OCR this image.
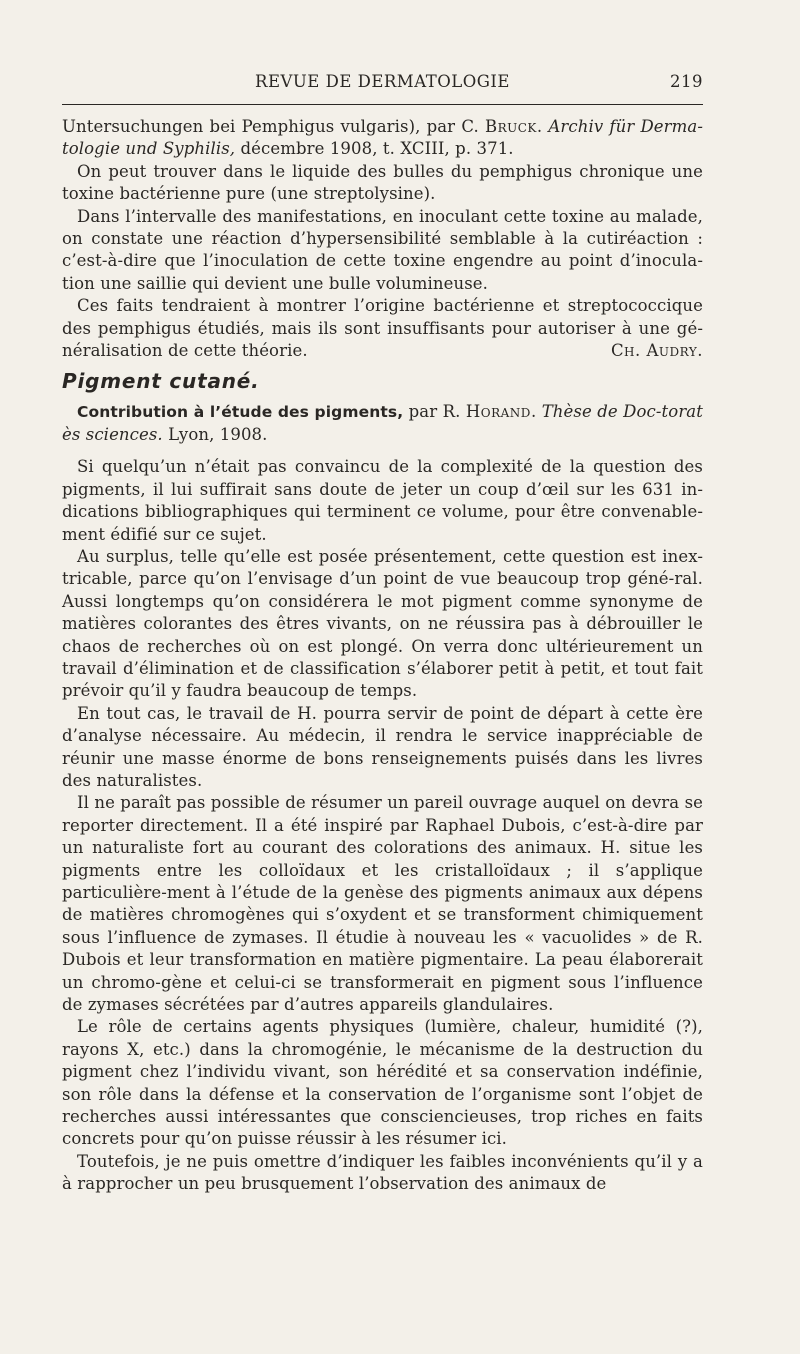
REVUE DE DERMATOLOGIE	219

Untersuchungen bei Pemphigus vulgaris), par C. Bruck. Archiv für Derma-tologie und Syphilis, décembre 1908, t. XCIII, p. 371.

On peut trouver dans le liquide des bulles du pemphigus chronique une toxine bactérienne pure (une streptolysine).

Dans l’intervalle des manifestations, en inoculant cette toxine au malade, on constate une réaction d’hypersensibilité semblable à la cutiréaction : c’est-à-dire que l’inoculation de cette toxine engendre au point d’inocula-tion une saillie qui devient une bulle volumineuse.

Ces faits tendraient à montrer l’origine bactérienne et streptococcique des pemphigus étudiés, mais ils sont insuffisants pour autoriser à une gé-néralisation de cette théorie.	Ch. Audry.
Pigment cutané.

Contribution à l’étude des pigments, par R. Horand. Thèse de Doc-torat ès sciences. Lyon, 1908.

Si quelqu’un n’était pas convaincu de la complexité de la question des pigments, il lui suffirait sans doute de jeter un coup d’œil sur les 631 in-dications bibliographiques qui terminent ce volume, pour être convenable-ment édifié sur ce sujet.

Au surplus, telle qu’elle est posée présentement, cette question est inex-tricable, parce qu’on l’envisage d’un point de vue beaucoup trop géné-ral. Aussi longtemps qu’on considérera le mot pigment comme synonyme de matières colorantes des êtres vivants, on ne réussira pas à débrouiller le chaos de recherches où on est plongé. On verra donc ultérieurement un travail d’élimination et de classification s’élaborer petit à petit, et tout fait prévoir qu’il y faudra beaucoup de temps.

En tout cas, le travail de H. pourra servir de point de départ à cette ère d’analyse nécessaire. Au médecin, il rendra le service inappréciable de réunir une masse énorme de bons renseignements puisés dans les livres des naturalistes.

Il ne paraît pas possible de résumer un pareil ouvrage auquel on devra se reporter directement. Il a été inspiré par Raphael Dubois, c’est-à-dire par un naturaliste fort au courant des colorations des animaux. H. situe les pigments entre les colloïdaux et les cristalloïdaux ; il s’applique particulière-ment à l’étude de la genèse des pigments animaux aux dépens de matières chromogènes qui s’oxydent et se transforment chimiquement sous l’influence de zymases. Il étudie à nouveau les « vacuolides » de R. Dubois et leur transformation en matière pigmentaire. La peau élaborerait un chromo-gène et celui-ci se transformerait en pigment sous l’influence de zymases sécrétées par d’autres appareils glandulaires.

Le rôle de certains agents physiques (lumière, chaleur, humidité (?), rayons X, etc.) dans la chromogénie, le mécanisme de la destruction du pigment chez l’individu vivant, son hérédité et sa conservation indéfinie, son rôle dans la défense et la conservation de l’organisme sont l’objet de recherches aussi intéressantes que consciencieuses, trop riches en faits concrets pour qu’on puisse réussir à les résumer ici.

Toutefois, je ne puis omettre d’indiquer les faibles inconvénients qu’il y a à rapprocher un peu brusquement l’observation des animaux de
